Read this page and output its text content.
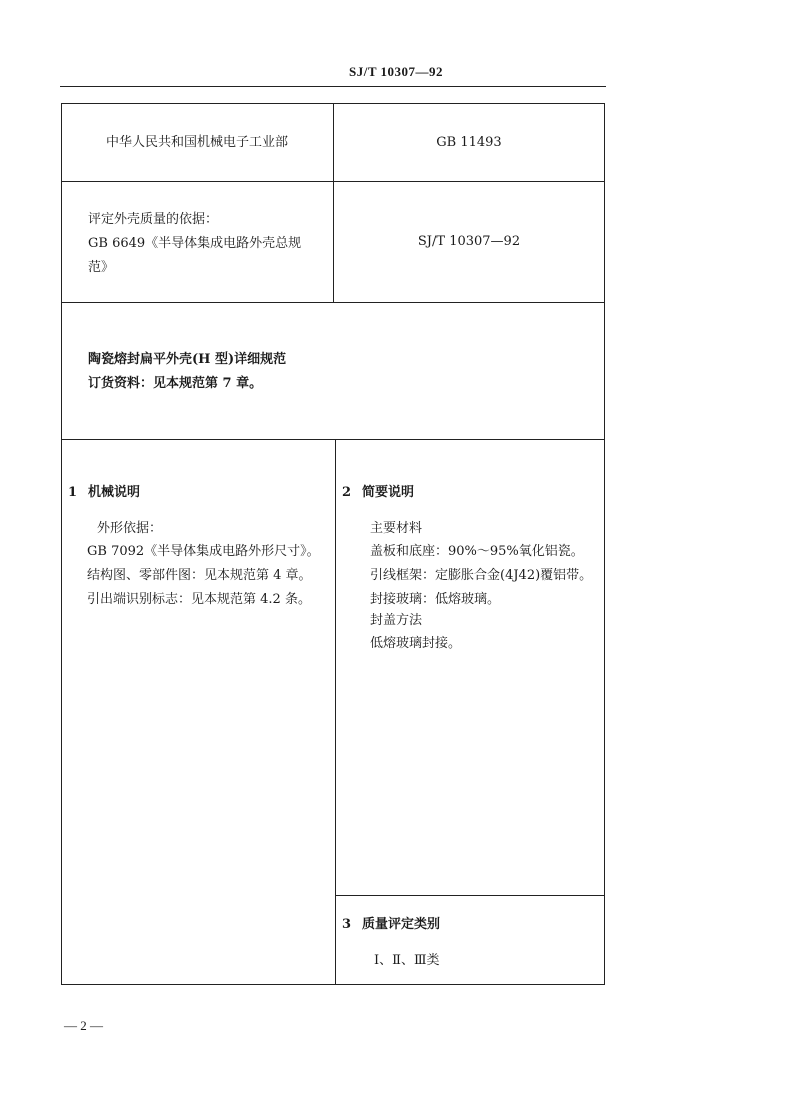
SJ/T 10307—92
中华人民共和国机械电子工业部	GB 11493
评定外壳质量的依据：
GB 6649《半导体集成电路外壳总规
范》
SJ/T 10307—92
陶瓷熔封扁平外壳(H 型)详细规范
订货资料：见本规范第 7 章。
1 机械说明
外形依据：
GB 7092《半导体集成电路外形尺寸》。
结构图、零部件图：见本规范第 4 章。
引出端识别标志：见本规范第 4.2 条。
2 简要说明
主要材料
盖板和底座：90%～95%氧化铝瓷。
引线框架：定膨胀合金(4J42)覆铝带。
封接玻璃：低熔玻璃。
封盖方法
低熔玻璃封接。
3 质量评定类别
Ⅰ、Ⅱ、Ⅲ类
— 2 —
